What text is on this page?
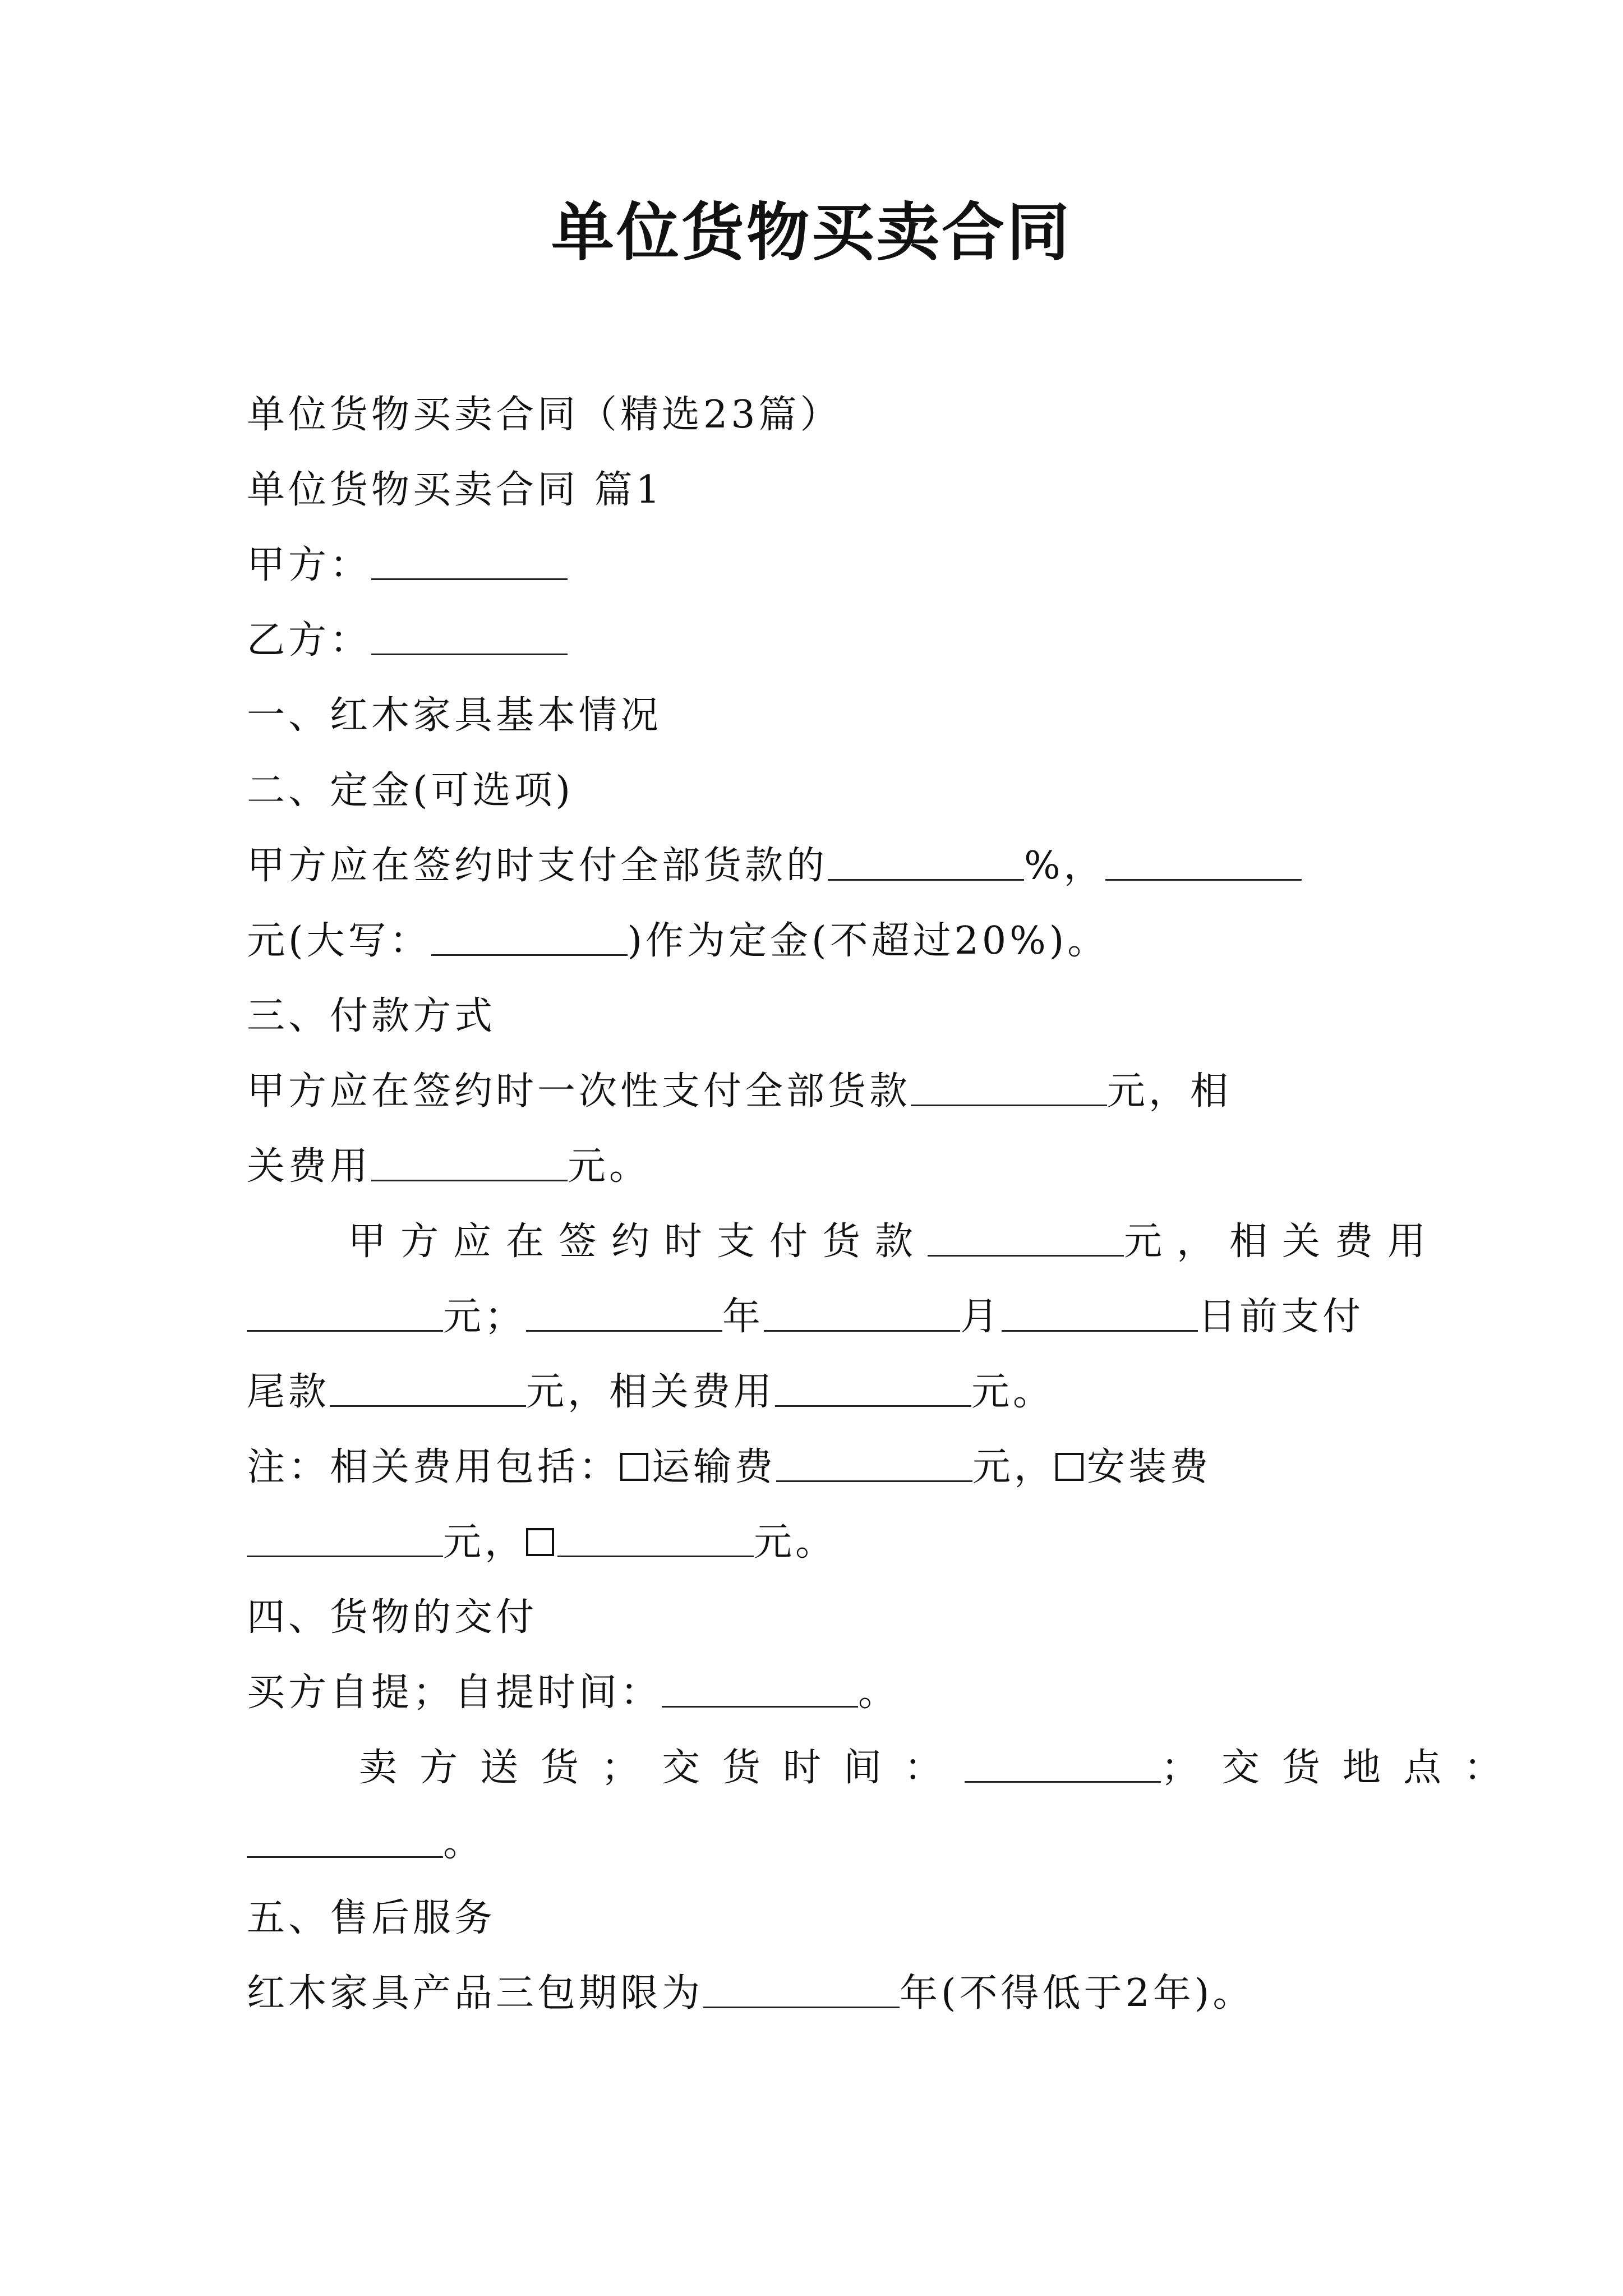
单位货物买卖合同
单位货物买卖合同（精选23篇）
单位货物买卖合同 篇1
甲方：
乙方：
一、红木家具基本情况
二、定金(可选项)
甲方应在签约时支付全部货款的	%，
元(大写：	)作为定金(不超过20%)。
三、付款方式
甲方应在签约时一次性支付全部货款	元，相
关费用	元。
甲方应在签约时支付货款	元，相关费用
元；	年	月	日前支付
尾款	元，相关费用	元。
注：相关费用包括： 运输费	元， 安装费
元，	元。
四、货物的交付
买方自提；自提时间：	。
卖方送货；交货时间：	；交货地点：
。
五、售后服务
红木家具产品三包期限为	年(不得低于2年)。
